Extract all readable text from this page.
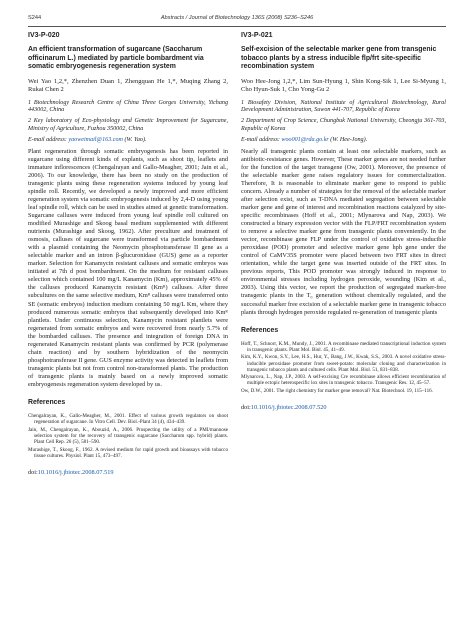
S244	Abstracts / Journal of Biotechnology 136S (2008) S236–S246
IV3-P-020
An efficient transformation of sugarcane (Saccharum officinarum L.) mediated by particle bombardment via somatic embryogenesis regeneration system
Wei Yao 1,2,*, Zhenzhen Duan 1, Zhengquan He 1,*, Muqing Zhang 2, Rukai Chen 2
1 Biotechnology Research Centre of China Three Gorges University, Yichang 443002, China
2 Key laboratory of Eco-physiology and Genetic Improvement for Sugarcane, Ministry of Agriculture, Fuzhou 350002, China
E-mail address: yaoweimail@163.com (W. Yao).
Plant regeneration through somatic embryogenesis has been reported in sugarcane using different kinds of explants, such as shoot tip, leaflets and immature inflorescences (Chengalrayan and Gallo-Meagher, 2001; Jain et al., 2006). To our knowledge, there has been no study on the production of transgenic plants using these regeneration systems induced by young leaf spindle roll. Recently, we developed a newly improved and more efficient regeneration system via somatic embryogenesis induced by 2,4-D using young leaf spindle roll, which can be used in studies aimed at genetic transformation. Sugarcane calluses were induced from young leaf spindle roll cultured on modified Murashige and Skoog basal medium supplemented with different nutrients (Murashige and Skoog, 1962). After preculture and treatment of osmosis, calluses of sugarcane were transformed via particle bombardment with a plasmid containing the Neomycin phosphotransferase II gene as a selectable marker and an intron β-glucuronidase (GUS) gene as a reporter marker. Selection for Kanamycin resistant calluses and somatic embryos was initiated at 7th d post bombardment. On the medium for resistant calluses selection which contained 100 mg/L Kanamycin (Km), approximately 45% of the calluses produced Kanamycin resistant (Kmᴿ) calluses. After three subcultures on the same selective medium, Kmᴿ calluses were transferred onto SE (somatic embryos) induction medium containing 50 mg/L Km, where they produced numerous somatic embryos that subsequently developed into Kmᴿ plantlets. Under continuous selection, Kanamycin resistant plantlets were regenerated from somatic embryos and were recovered from nearly 5.7% of the bombarded calluses. The presence and integration of foreign DNA in regenerated Kanamycin resistant plants was confirmed by PCR (polymerase chain reaction) and by southern hybridization of the neomycin phosphotransferase II gene. GUS enzyme activity was detected in leaflets from transgenic plants but not from control non-transformed plants. The production of transgenic plants is mainly based on a newly improved somatic embryogenesis regeneration system developed by us.
References
Chengalrayan, K., Gallo-Meagher, M., 2001. Effect of various growth regulators on shoot regeneration of sugarcane. In Vitro Cell. Dev. Biol.-Plant 34 (4), 434–439.
Jain, M., Chengalrayan, K., Abouzid, A., 2006. Prospecting the utility of a PMI/mannose selection system for the recovery of transgenic sugarcane (Saccharum spp. hybrid) plants. Plant Cell Rep. 26 (5), 581–590.
Murashige, T., Skoog, F., 1962. A revised medium for rapid growth and bioassays with tobacco tissue cultures. Physiol. Plant 15, 473–497.
doi:10.1016/j.jbiotec.2008.07.519
IV3-P-021
Self-excision of the selectable marker gene from transgenic tobacco plants by a stress inducible flp/frt site-specific recombination system
Woo Hee-Jong 1,2,*, Lim Sun-Hyung 1, Shin Kong-Sik 1, Lee Si-Myung 1, Cho Hyun-Suk 1, Cho Yong-Gu 2
1 Biosafety Division, National Institute of Agricultural Biotechnology, Rural Development Administration, Suwon 441-707, Republic of Korea
2 Department of Crop Science, Chungbuk National University, Cheongju 361-703, Republic of Korea
E-mail address: woo001@rda.go.kr (W. Hee-Jong).
Nearly all transgenic plants contain at least one selectable markers, such as antibiotic-resistance genes. However, These marker genes are not needed further for the function of the target transgene (Ow, 2001). Moreover, the presence of the selectable marker gene raises regulatory issues for commercialization. Therefore, It is reasonable to eliminate marker gene to respond to public concern. Already a number of strategies for the removal of the selectable marker after selection exist, such as T-DNA mediated segregation between selectable marker gene and gene of interest and recombination reactions catalyzed by site-specific recombinases (Hoff et al., 2001; Mlynarova and Nap, 2003). We constructed a binary expression vector with the FLP/FRT recombination system to remove a selective marker gene from transgenic plants conveniently. In the vector, recombinase gene FLP under the control of oxidative stress-inducible peroxidase (POD) promoter and selective marker gene hph gene under the control of CaMV35S promoter were placed between two FRT sites in direct orientation, while the target gene was inserted outside of the FRT sites. In previous reports, This POD promoter was strongly induced in response to environmental stresses including hydrogen peroxide, wounding (Kim et al., 2003). Using this vector, we report the production of segregated marker-free transgenic plants in the T₀ generation without chemically regulated, and the successful marker free excision of a selectable marker gene in transgenic tobacco plants through hydrogen peroxide regulated re-generation of transgenic plants
References
Hoff, T., Schnorr, K.M., Mundy, J., 2001. A recombinase mediated transcriptional induction system in transgenic plants. Plant Mol. Biol. 45, 41–49.
Kim, K.Y., Kwon, S.Y., Lee, H.S., Hur, Y., Bang, J.W., Kwak, S.S., 2003. A novel oxidative stress-inducible peroxidase promoter from sweet-potato: molecular cloning and characterization in transgenic tobacco plants and cultured cells. Plant Mol. Biol. 51, 831–838.
Mlynarova, L., Nap, J.P., 2003. A self-excising Cre recombinase allows efficient recombination of multiple ectopic heterospecific lox sites in transgenic tobacco. Transgenic Res. 12, 45–57.
Ow, D.W., 2001. The right chemistry for marker gene removal? Nat. Biotechnol. 19, 115–116.
doi:10.1016/j.jbiotec.2008.07.520
